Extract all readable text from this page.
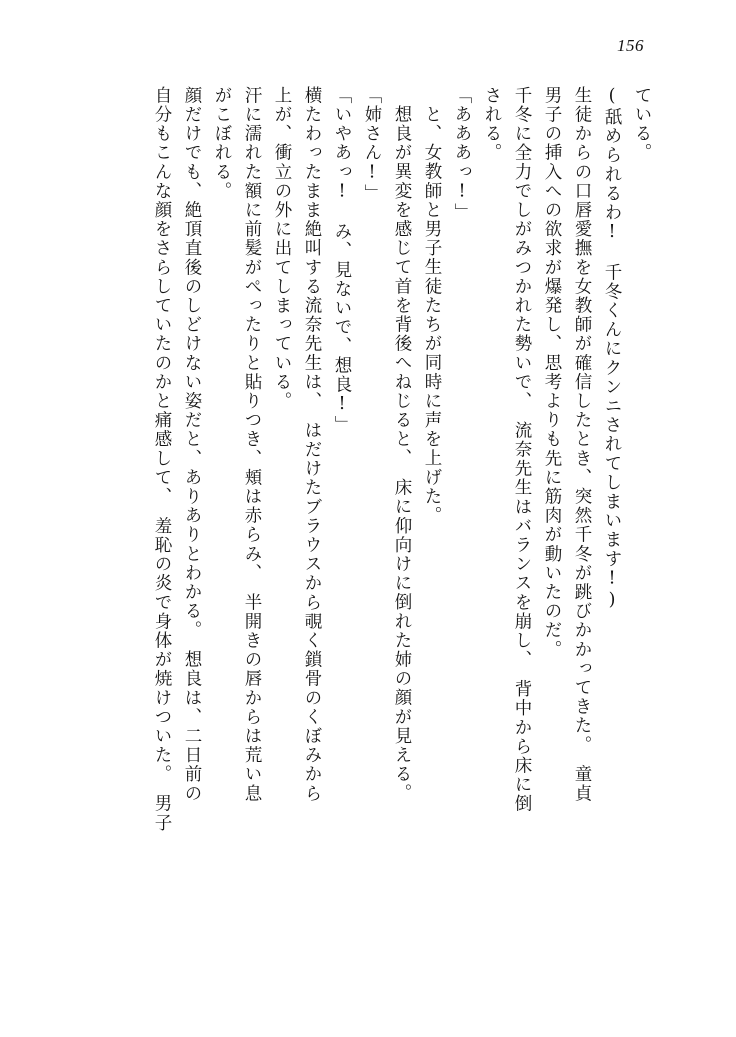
156
ている。
(舐められるわ!　千冬くんにクンニされてしまいます!)
生徒からの口唇愛撫を女教師が確信したとき、突然千冬が跳びかかってきた。　童貞
男子の挿入への欲求が爆発し、思考よりも先に筋肉が動いたのだ。
千冬に全力でしがみつかれた勢いで、　流奈先生はバランスを崩し、　背中から床に倒
される。
「あああっ!」
と、女教師と男子生徒たちが同時に声を上げた。
想良が異変を感じて首を背後へねじると、　床に仰向けに倒れた姉の顔が見える。
「姉さん!」
「いやあっ!　み、見ないで、想良!」
横たわったまま絶叫する流奈先生は、　はだけたブラウスから覗く鎖骨のくぼみから
上が、衝立の外に出てしまっている。
汗に濡れた額に前髪がぺったりと貼りつき、頬は赤らみ、　半開きの唇からは荒い息
がこぼれる。
顔だけでも、絶頂直後のしどけない姿だと、ありありとわかる。　想良は、二日前の
自分もこんな顔をさらしていたのかと痛感して、　羞恥の炎で身体が焼けついた。　男子
